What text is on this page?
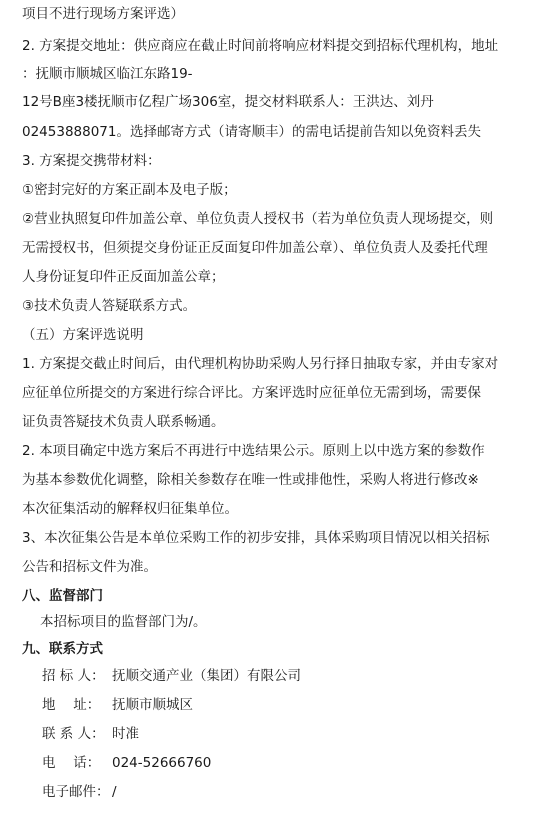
项目不进行现场方案评选）
2. 方案提交地址：供应商应在截止时间前将响应材料提交到招标代理机构，地址
：抚顺市顺城区临江东路19-
12号B座3楼抚顺市亿程广场306室，提交材料联系人：王洪达、刘丹
02453888071。选择邮寄方式（请寄顺丰）的需电话提前告知以免资料丢失
3. 方案提交携带材料：
①密封完好的方案正副本及电子版；
②营业执照复印件加盖公章、单位负责人授权书（若为单位负责人现场提交，则
无需授权书，但须提交身份证正反面复印件加盖公章）、单位负责人及委托代理
人身份证复印件正反面加盖公章；
③技术负责人答疑联系方式。
（五）方案评选说明
1. 方案提交截止时间后，由代理机构协助采购人另行择日抽取专家，并由专家对
应征单位所提交的方案进行综合评比。方案评选时应征单位无需到场，需要保
证负责答疑技术负责人联系畅通。
2. 本项目确定中选方案后不再进行中选结果公示。原则上以中选方案的参数作
为基本参数优化调整，除相关参数存在唯一性或排他性，采购人将进行修改※
本次征集活动的解释权归征集单位。
3、本次征集公告是本单位采购工作的初步安排，具体采购项目情况以相关招标
公告和招标文件为准。
八、监督部门
本招标项目的监督部门为/。
九、联系方式
招 标 人： 抚顺交通产业（集团）有限公司
地　 址： 抚顺市顺城区
联 系 人： 时准
电　 话： 024-52666760
电子邮件： /
